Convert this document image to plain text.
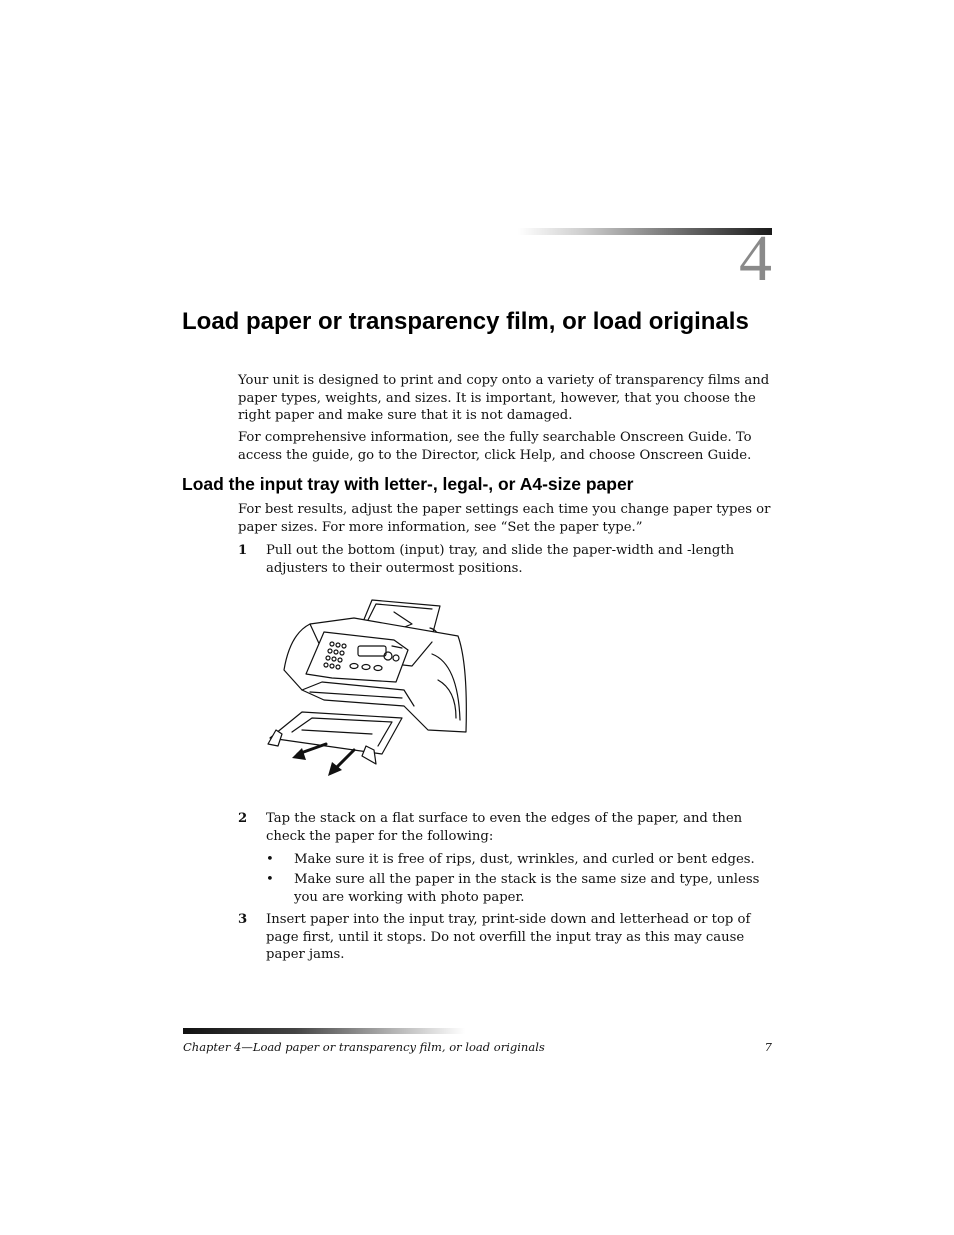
4
Load paper or transparency film, or load originals

Your unit is designed to print and copy onto a variety of transparency films and paper types, weights, and sizes. It is important, however, that you choose the right paper and make sure that it is not damaged.

For comprehensive information, see the fully searchable Onscreen Guide. To access the guide, go to the Director, click Help, and choose Onscreen Guide.

Load the input tray with letter-, legal-, or A4-size paper

For best results, adjust the paper settings each time you change paper types or paper sizes. For more information, see “Set the paper type.”

1 Pull out the bottom (input) tray, and slide the paper-width and -length adjusters to their outermost positions.

2 Tap the stack on a flat surface to even the edges of the paper, and then check the paper for the following:

• Make sure it is free of rips, dust, wrinkles, and curled or bent edges.

• Make sure all the paper in the stack is the same size and type, unless you are working with photo paper.

3 Insert paper into the input tray, print-side down and letterhead or top of page first, until it stops. Do not overfill the input tray as this may cause paper jams.

Chapter 4—Load paper or transparency film, or load originals	7
